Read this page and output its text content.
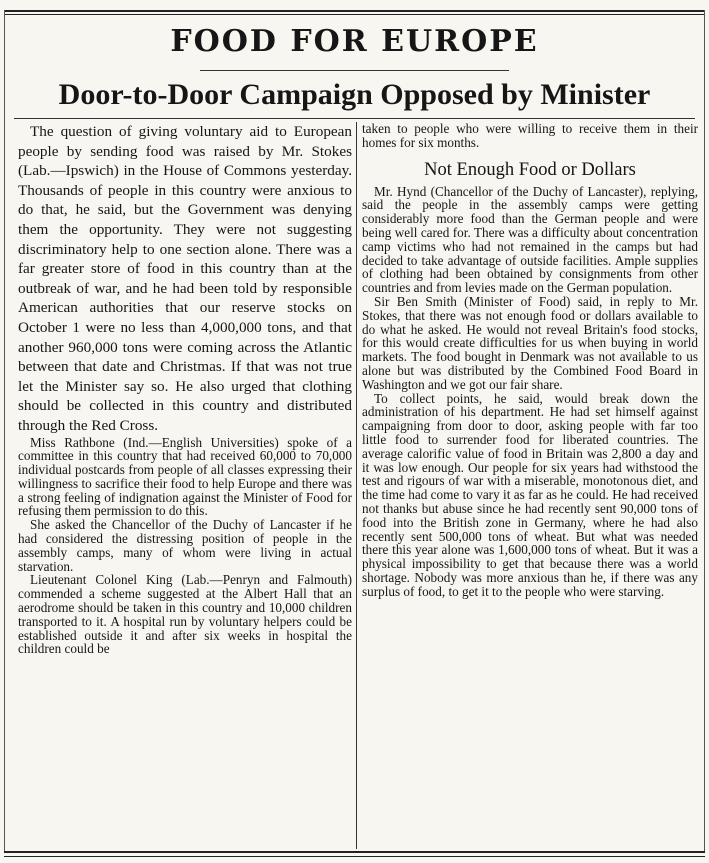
FOOD FOR EUROPE
Door-to-Door Campaign Opposed by Minister

The question of giving voluntary aid to European people by sending food was raised by Mr. Stokes (Lab.—Ipswich) in the House of Commons yesterday. Thousands of people in this country were anxious to do that, he said, but the Government was denying them the opportunity. They were not suggesting discriminatory help to one section alone. There was a far greater store of food in this country than at the outbreak of war, and he had been told by responsible American authorities that our reserve stocks on October 1 were no less than 4,000,000 tons, and that another 960,000 tons were coming across the Atlantic between that date and Christmas. If that was not true let the Minister say so. He also urged that clothing should be collected in this country and distributed through the Red Cross.

Miss Rathbone (Ind.—English Universities) spoke of a committee in this country that had received 60,000 to 70,000 individual postcards from people of all classes expressing their willingness to sacrifice their food to help Europe and there was a strong feeling of indignation against the Minister of Food for refusing them permission to do this.

She asked the Chancellor of the Duchy of Lancaster if he had considered the distressing position of people in the assembly camps, many of whom were living in actual starvation.

Lieutenant Colonel King (Lab.—Penryn and Falmouth) commended a scheme suggested at the Albert Hall that an aerodrome should be taken in this country and 10,000 children transported to it. A hospital run by voluntary helpers could be established outside it and after six weeks in hospital the children could be

taken to people who were willing to receive them in their homes for six months.

Not Enough Food or Dollars

Mr. Hynd (Chancellor of the Duchy of Lancaster), replying, said the people in the assembly camps were getting considerably more food than the German people and were being well cared for. There was a difficulty about concentration camp victims who had not remained in the camps but had decided to take advantage of outside facilities. Ample supplies of clothing had been obtained by consignments from other countries and from levies made on the German population.

Sir Ben Smith (Minister of Food) said, in reply to Mr. Stokes, that there was not enough food or dollars available to do what he asked. He would not reveal Britain's food stocks, for this would create difficulties for us when buying in world markets. The food bought in Denmark was not available to us alone but was distributed by the Combined Food Board in Washington and we got our fair share.

To collect points, he said, would break down the administration of his department. He had set himself against campaigning from door to door, asking people with far too little food to surrender food for liberated countries. The average calorific value of food in Britain was 2,800 a day and it was low enough. Our people for six years had withstood the test and rigours of war with a miserable, monotonous diet, and the time had come to vary it as far as he could. He had received not thanks but abuse since he had recently sent 90,000 tons of food into the British zone in Germany, where he had also recently sent 500,000 tons of wheat. But what was needed there this year alone was 1,600,000 tons of wheat. But it was a physical impossibility to get that because there was a world shortage. Nobody was more anxious than he, if there was any surplus of food, to get it to the people who were starving.
